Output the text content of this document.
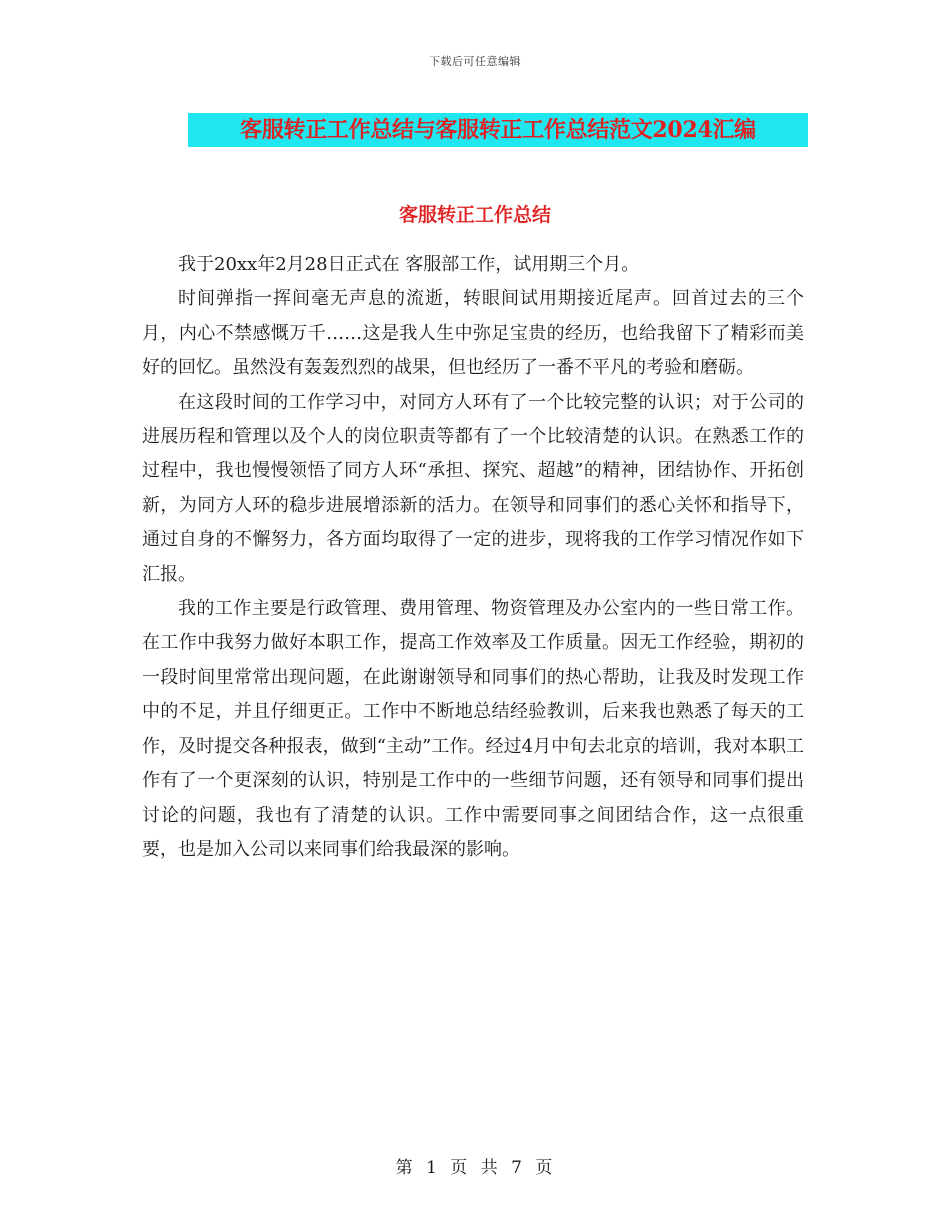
下载后可任意编辑
客服转正工作总结与客服转正工作总结范文2024汇编
客服转正工作总结

我于20xx年2月28日正式在 客服部工作，试用期三个月。

时间弹指一挥间毫无声息的流逝，转眼间试用期接近尾声。回首过去的三个月，内心不禁感慨万千……这是我人生中弥足宝贵的经历，也给我留下了精彩而美好的回忆。虽然没有轰轰烈烈的战果，但也经历了一番不平凡的考验和磨砺。

在这段时间的工作学习中，对同方人环有了一个比较完整的认识；对于公司的进展历程和管理以及个人的岗位职责等都有了一个比较清楚的认识。在熟悉工作的过程中，我也慢慢领悟了同方人环“承担、探究、超越”的精神，团结协作、开拓创新，为同方人环的稳步进展增添新的活力。在领导和同事们的悉心关怀和指导下，通过自身的不懈努力，各方面均取得了一定的进步，现将我的工作学习情况作如下汇报。

我的工作主要是行政管理、费用管理、物资管理及办公室内的一些日常工作。在工作中我努力做好本职工作，提高工作效率及工作质量。因无工作经验，期初的一段时间里常常出现问题，在此谢谢领导和同事们的热心帮助，让我及时发现工作中的不足，并且仔细更正。工作中不断地总结经验教训，后来我也熟悉了每天的工作，及时提交各种报表，做到“主动”工作。经过4月中旬去北京的培训，我对本职工作有了一个更深刻的认识，特别是工作中的一些细节问题，还有领导和同事们提出讨论的问题，我也有了清楚的认识。工作中需要同事之间团结合作，这一点很重要，也是加入公司以来同事们给我最深的影响。

第 1 页 共 7 页
